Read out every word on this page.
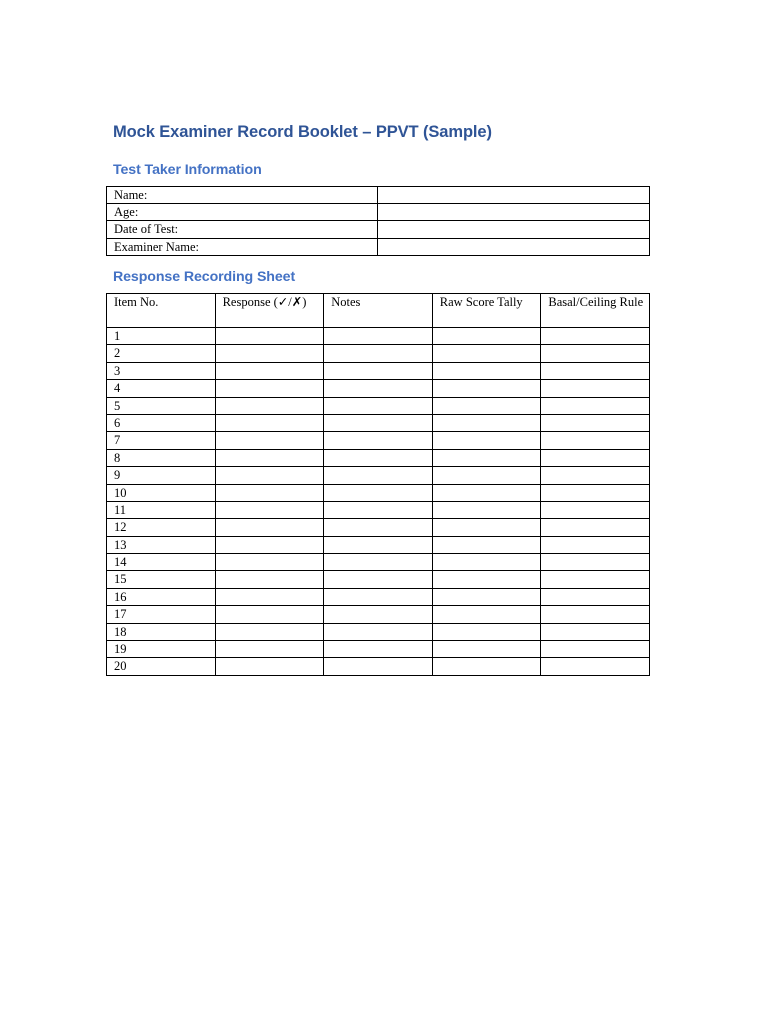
Mock Examiner Record Booklet – PPVT (Sample)
Test Taker Information
Name:	
Age:	
Date of Test:	
Examiner Name:	
Response Recording Sheet
Item No.	Response (✓/✗)	Notes	Raw Score Tally	Basal/Ceiling Rule
1				
2				
3				
4				
5				
6				
7				
8				
9				
10				
11				
12				
13				
14				
15				
16				
17				
18				
19				
20				
